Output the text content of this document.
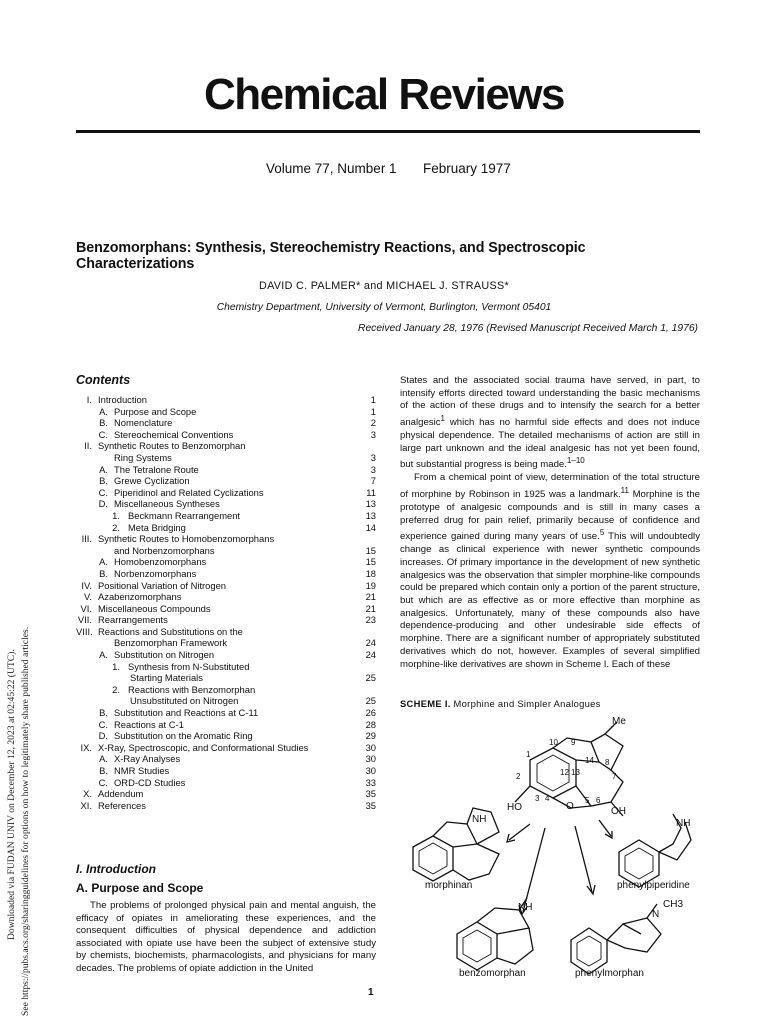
Downloaded via FUDAN UNIV on December 12, 2023 at 02:45:22 (UTC). See https://pubs.acs.org/sharingguidelines for options on how to legitimately share published articles.
Chemical Reviews
Volume 77, Number 1 February 1977
Benzomorphans: Synthesis, Stereochemistry Reactions, and Spectroscopic Characterizations
DAVID C. PALMER* and MICHAEL J. STRAUSS*
Chemistry Department, University of Vermont, Burlington, Vermont 05401
Received January 28, 1976 (Revised Manuscript Received March 1, 1976)
Contents
I. Introduction	1
A. Purpose and Scope	1
B. Nomenclature	2
C. Stereochemical Conventions	3
II. Synthetic Routes to Benzomorphan
Ring Systems	3
A. The Tetralone Route	3
B. Grewe Cyclization	7
C. Piperidinol and Related Cyclizations	11
D. Miscellaneous Syntheses	13
1. Beckmann Rearrangement	13
2. Meta Bridging	14
III. Synthetic Routes to Homobenzomorphans
and Norbenzomorphans	15
A. Homobenzomorphans	15
B. Norbenzomorphans	18
IV. Positional Variation of Nitrogen	19
V. Azabenzomorphans	21
VI. Miscellaneous Compounds	21
VII. Rearrangements	23
VIII. Reactions and Substitutions on the
Benzomorphan Framework	24
A. Substitution on Nitrogen	24
1. Synthesis from N-Substituted
Starting Materials	25
2. Reactions with Benzomorphan
Unsubstituted on Nitrogen	25
B. Substitution and Reactions at C-11	26
C. Reactions at C-1	28
D. Substitution on the Aromatic Ring	29
IX. X-Ray, Spectroscopic, and Conformational Studies	30
A. X-Ray Analyses	30
B. NMR Studies	30
C. ORD-CD Studies	33
X. Addendum	35
XI. References	35
I. Introduction
A. Purpose and Scope

The problems of prolonged physical pain and mental anguish, the efficacy of opiates in ameliorating these experiences, and the consequent difficulties of physical dependence and addiction associated with opiate use have been the subject of extensive study by chemists, biochemists, pharmacologists, and physicians for many decades. The problems of opiate addiction in the United

States and the associated social trauma have served, in part, to intensify efforts directed toward understanding the basic mechanisms of the action of these drugs and to intensify the search for a better analgesic$^1$ which has no harmful side effects and does not induce physical dependence. The detailed mechanisms of action are still in large part unknown and the ideal analgesic has not yet been found, but substantial progress is being made.$^{1-10}$

From a chemical point of view, determination of the total structure of morphine by Robinson in 1925 was a landmark.$^{11}$ Morphine is the prototype of analgesic compounds and is still in many cases a preferred drug for pain relief, primarily because of confidence and experience gained during many years of use.$^5$ This will undoubtedly change as clinical experience with newer synthetic compounds increases. Of primary importance in the development of new synthetic analgesics was the observation that simpler morphine-like compounds could be prepared which contain only a portion of the parent structure, but which are as effective as or more effective than morphine as analgesics. Unfortunately, many of these compounds also have dependence-producing and other undesirable side effects of morphine. There are a significant number of appropriately substituted derivatives which do not, however. Examples of several simplified morphine-like derivatives are shown in Scheme I. Each of these

SCHEME I. Morphine and Simpler Analogues
Me
10 9
14 8
1
12 13
2	7
3 4	5 6
HO	O	OH
NH	NH
NH
N
CH3
morphinan	phenylpiperidine
benzomorphan	phenylmorphan
1
